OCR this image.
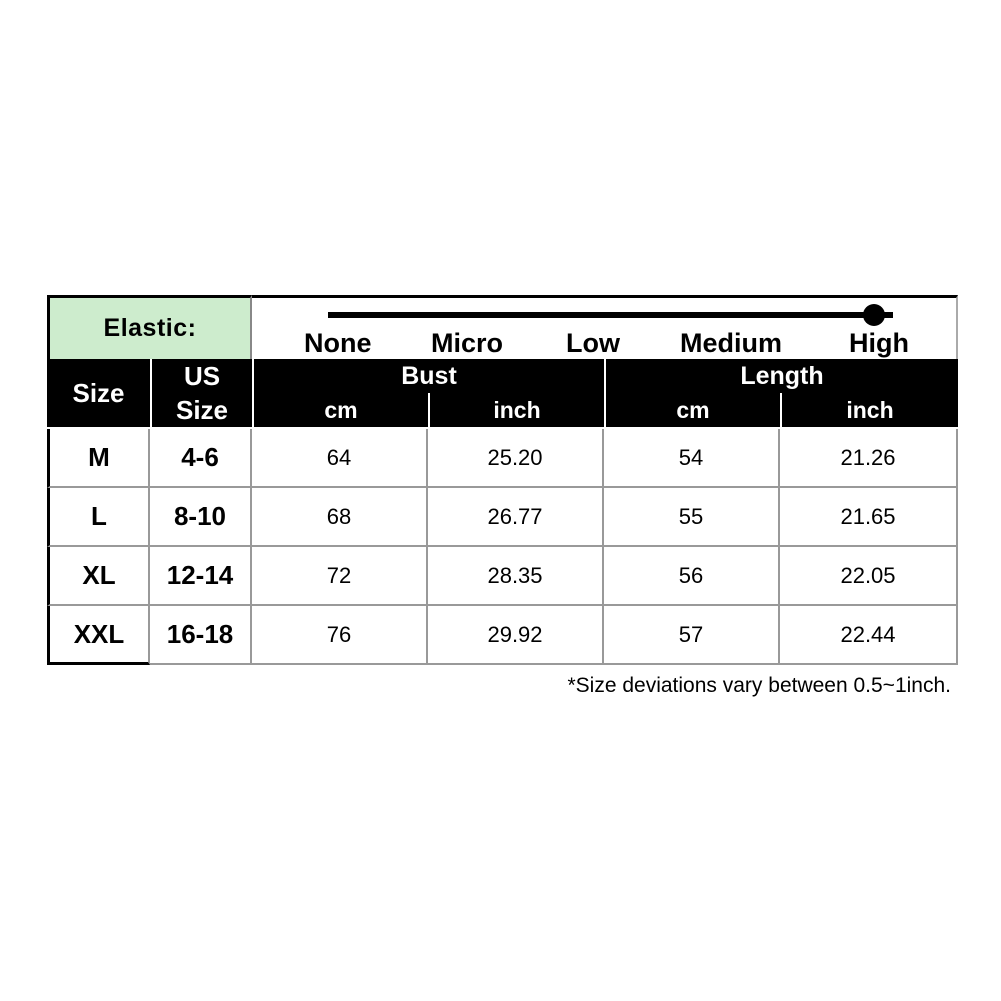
Elastic:	None Micro Low Medium High
Size
US
Size
Bust	Length
cm	inch	cm	inch
M	4-6	64	25.20	54	21.26
L	8-10	68	26.77	55	21.65
XL	12-14	72	28.35	56	22.05
XXL	16-18	76	29.92	57	22.44
*Size deviations vary between 0.5~1inch.
